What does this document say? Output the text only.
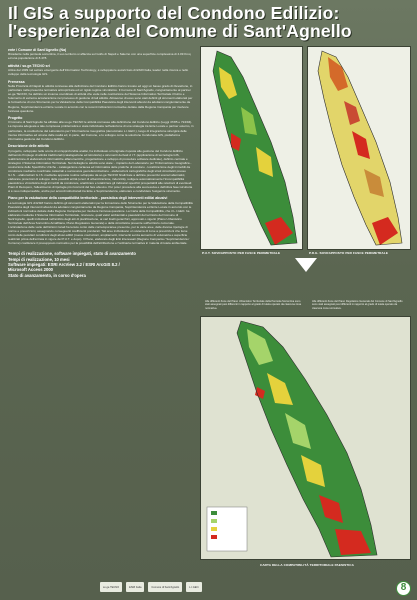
Il GIS a supporto del Condono Edilizio:
l'esperienza del Comune di Sant'Agnello
ente / Comune di Sant'Agnello (Na)

Ricadente nella penisola sorrentina, il suo territorio si affaccia sul Golfo di Napoli e Salerno con una superficie complessiva di 4.09 Kmq ed una popolazione di 8.478.

attività / so.ge.TECNO srl

Attiva dal 1999 nel settore emergente dell'Information Technology, è sviluppatore autorizzato di ESRI Italia, leader nella ricerca e nello sviluppo della tecnologia GIS.

Premessa

Nella Provincia di Napoli le attività connesse alla definizione del Condono Edilizio hanno trovato ed oggi un basso grado di rilevazione, in particolare nella presenza normativa antropizzata ed un rigido regime vincolistico. Il Comune di Sant'Agnello, congiuntamente al partner so.ge.TECNO, ha definito un insieme coordinato di attività che vede nelle costituzione del Sistema Informativo Territoriale il fulcro e l'elemento di estrema accelerazione nel processo di gestione di tali attività. Attraverso di esso sono stati definiti gli strumenti elaborati per la formazione di uno Strumento per la Valutazione della Compatibilità Paesistica degli interventi abusivi da adottarsi congiuntamente da Regione, Soprintendenza ed Ente Locale in accordo con le recenti indicazioni normative dettate dalla Regione Campania per risolvere l'annosa questione.

Progetto

Il Comune di Sant'Agnello ha affidato alla so.ge.TECNO le attività connesse alla definizione del Condono Edilizio (Leggi 47/85 e 724/94). La risposta adeguata a tale complessa problematica è stata individuata nell'adozione di una strategia tra Ente Locale e partner esterno, in particolare, la costituzione del Laboratorio per l'Informazione Geografica (denominato L.I.GEO.), luogo di integrazione sinergica delle risorse informative ed umane delle realtà ed, in parte, del Comune, e lo sviluppo come la soluzione Condonata.GIS, piattaforma informatica gestione del Condono Edilizio.

Descrizione delle attività

Il progetto, sviluppato nelle scorte di un'approfondita analisi, ha individuato un'originale risposta alle gestione del Condono Edilizio definendo l'impiego di attività tradizionali (catalogazione ed istruttoria) e strumenti derivati d I.T. (applicazione di tecnologia GIS, realizzazione di elaborazioni informatiche alfanumeriche, progettazione e sviluppo di procedure software dedicate), definito centrale e strategico il Sistema Informativo Territoriale. Nel dettaglio le attività sono state: - impianto del Laboratorio per l'Informazione Geografica - costruzione delle Specifiche Uniche - catalogazione cartacea ed informatica delle pratiche di condono - localizzazione degli immobili da condonare mediante coordinate catastrali e successiva georeferenziazione - elaborazioni cartografiche degli strati vincolistici presso G.I.S. - elaborazioni G.I.S. mediante apposite routine sviluppate da so.ge.TECNO finalizzate a definire preventivi scenari alternativi, elaborare proiezioni di sviluppo delle possibili entità (oneri di urbanizzazione, indennità), redigere automaticamente l'incompatibilità paesistica e vincolistica degli immobili da condonare, analizzare e totalizzare gli indicatori specifici prospettabili alle relazioni di eventuali Piani di Recupero, l'allestimento di tipologie più ricorrenti del fare abusivo. Per poter procedere alla successiva e definitiva fase istruttoria si è reso indispensabile, anche per accordi istituzionali tra Ente e Soprintendenza, elaborare e condividere l'esigenze strumento.

Piano per la valutazione della compatibilità territoriale - paesistica degli interventi edilizi abusivi

La tecnologia GIS di ESRI hanno definito gli strumenti elaborativi per la formazione dello Strumento per la Valutazione della Compatibilità Paesistica degli interventi abusivi da adottarsi congiuntamente da Regione Campania, Soprintendenza ed Ente Locale in accordo con le indicazioni normative dettate dalla Regione Campania per risolvere l'annosa questione. La Carta della Compatibilità, che il L.I.GEO. ha elaborato mediante il Sistema Informativo Territoriale, riconosce, quali valori ambientali e paesistici del territorio del Comune di Sant'Agnello, quelli individuati nell'ambito degli atti di pianificazione, ai vari livelli gerarchici, approvati o vigenti (Piano Urbanistico Territoriale dell'Area Sorrentino Amalfitana, Piano Regolatore Generale) e della vincolistica presente sull'territorio comunale. L'articolazione delle varie definizioni zonali ha tenuto conto delle contemporanee presenze, per le varie aree, delle diverse tipologie di norme e prescrizioni, assegnando conseguenti coefficienti ponderati. Tali aree individuano un sistema di zone a prescrizioni che tiene conto delle peculiari condizioni degli abusi edilizi (nuove costruzioni, ampliamenti, interventi senza aumento di volumetria e superficie realizzati prima dell'entrata in vigore del P.U.T. e dopo). Il Piano, elaborato dagli Enti interessati (Regione Campania / Soprintendenza / Comune) costituisce il presupposto normativo per la possibilità dell'attribuzione e l'ordinaria normativa in materia di tutela ambientale.

Tempi di realizzazione, software impiegati, stato di avanzamento
Tempi di realizzazione, 10 mesi
Software impiegati: ESRI ArcView 3.2 / ESRI ArcGIS 8.2 /
Microsoft Access 2000
Stato di avanzamento, in corso d'opera
P.U.T. SOVRAPPOSTO PER FASCE PERIMETRALE	P.R.G. SOVRAPPOSTO PER FASCE PERIMETRALE
Alle differenti Zone del Piano Urbanistico Territoriale della Penisola Sorrentina sono stati assegnati pesi differenti in rapporto al grado di tutela operato da ciascuna zona normativa.
Alle differenti Zone del Piano Regolatore Generale del Comune di Sant'Agnello sono stati assegnati pesi differenti in rapporto al grado di tutela operato da ciascuna zona normativa.
CARTA DELLA COMPATIBILITÀ TERRITORIALE PAESISTICA
so.ge.TECNO	ESRI Italia	Comune di Sant'Agnello	L.I.GEO.	8
